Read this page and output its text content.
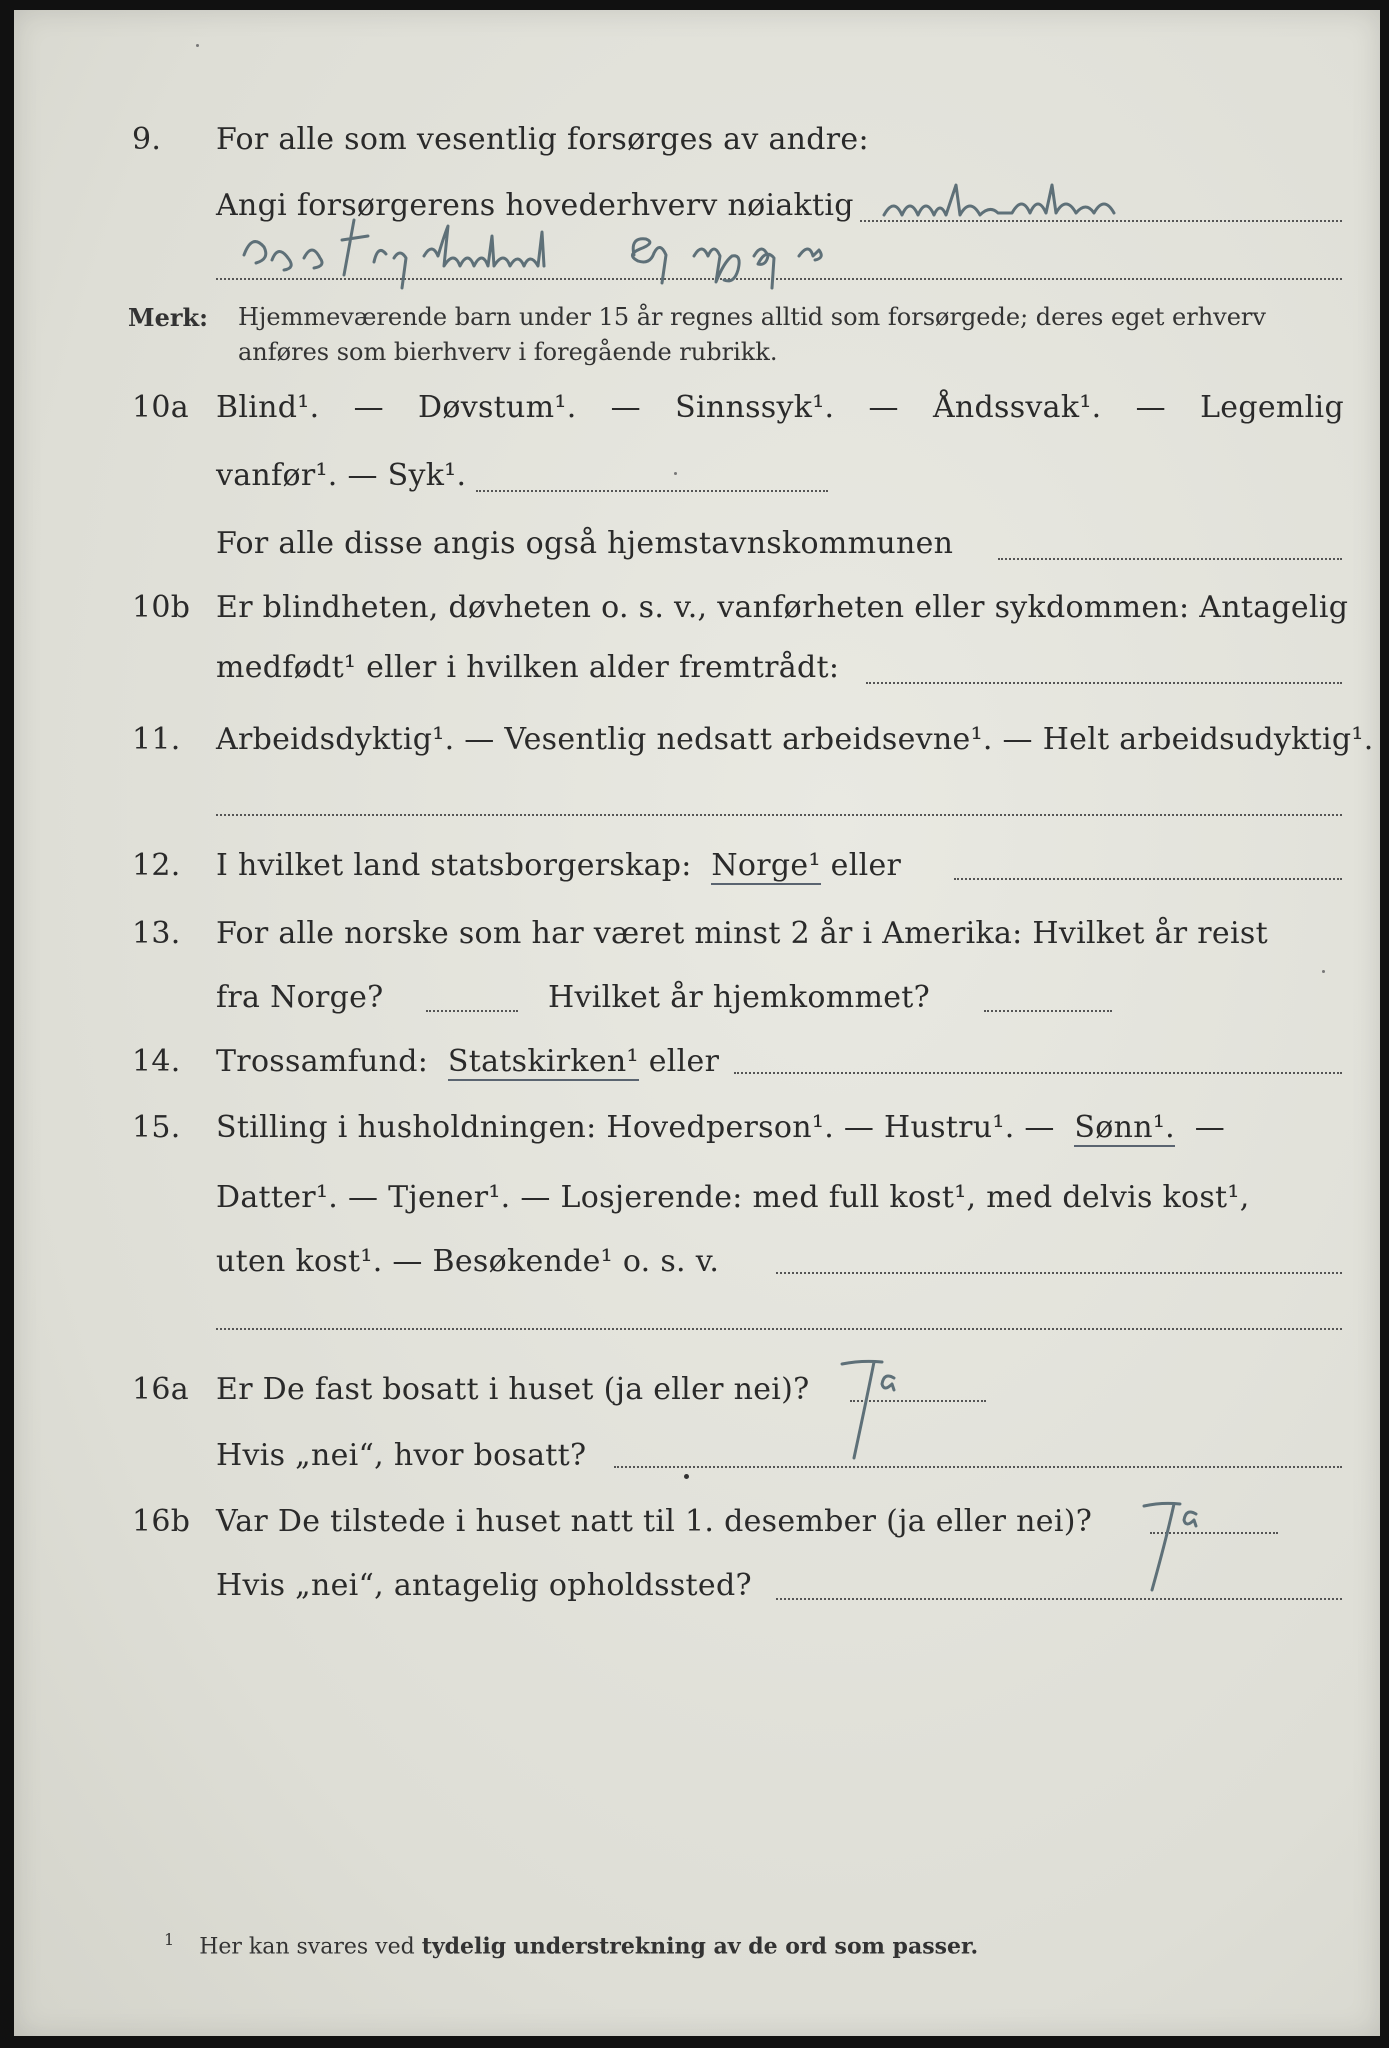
9. For alle som vesentlig forsørges av andre:
Angi forsørgerens hovederhverv nøiaktig
Merk: Hjemmeværende barn under 15 år regnes alltid som forsørgede; deres eget erhverv
anføres som bierhverv i foregående rubrikk.
10a Blind¹. — Døvstum¹. — Sinnssyk¹. — Åndssvak¹. — Legemlig
vanfør¹. — Syk¹.
For alle disse angis også hjemstavnskommunen
10b Er blindheten, døvheten o. s. v., vanførheten eller sykdommen: Antagelig
medfødt¹ eller i hvilken alder fremtrådt:
11. Arbeidsdyktig¹. — Vesentlig nedsatt arbeidsevne¹. — Helt arbeidsudyktig¹.
12. I hvilket land statsborgerskap:
Norge¹
eller
13. For alle norske som har været minst 2 år i Amerika: Hvilket år reist
fra Norge?	Hvilket år hjemkommet?
14. Trossamfund:
Statskirken¹
eller
15. Stilling i husholdningen: Hovedperson¹. — Hustru¹. —
Sønn¹.
—
Datter¹. — Tjener¹. — Losjerende: med full kost¹, med delvis kost¹,
uten kost¹. — Besøkende¹ o. s. v.
16a Er De fast bosatt i huset (ja eller nei)?
Hvis „nei“, hvor bosatt?
16b Var De tilstede i huset natt til 1. desember (ja eller nei)?
Hvis „nei“, antagelig opholdssted?
$^1$ Her kan svares ved tydelig understrekning av de ord som passer.
